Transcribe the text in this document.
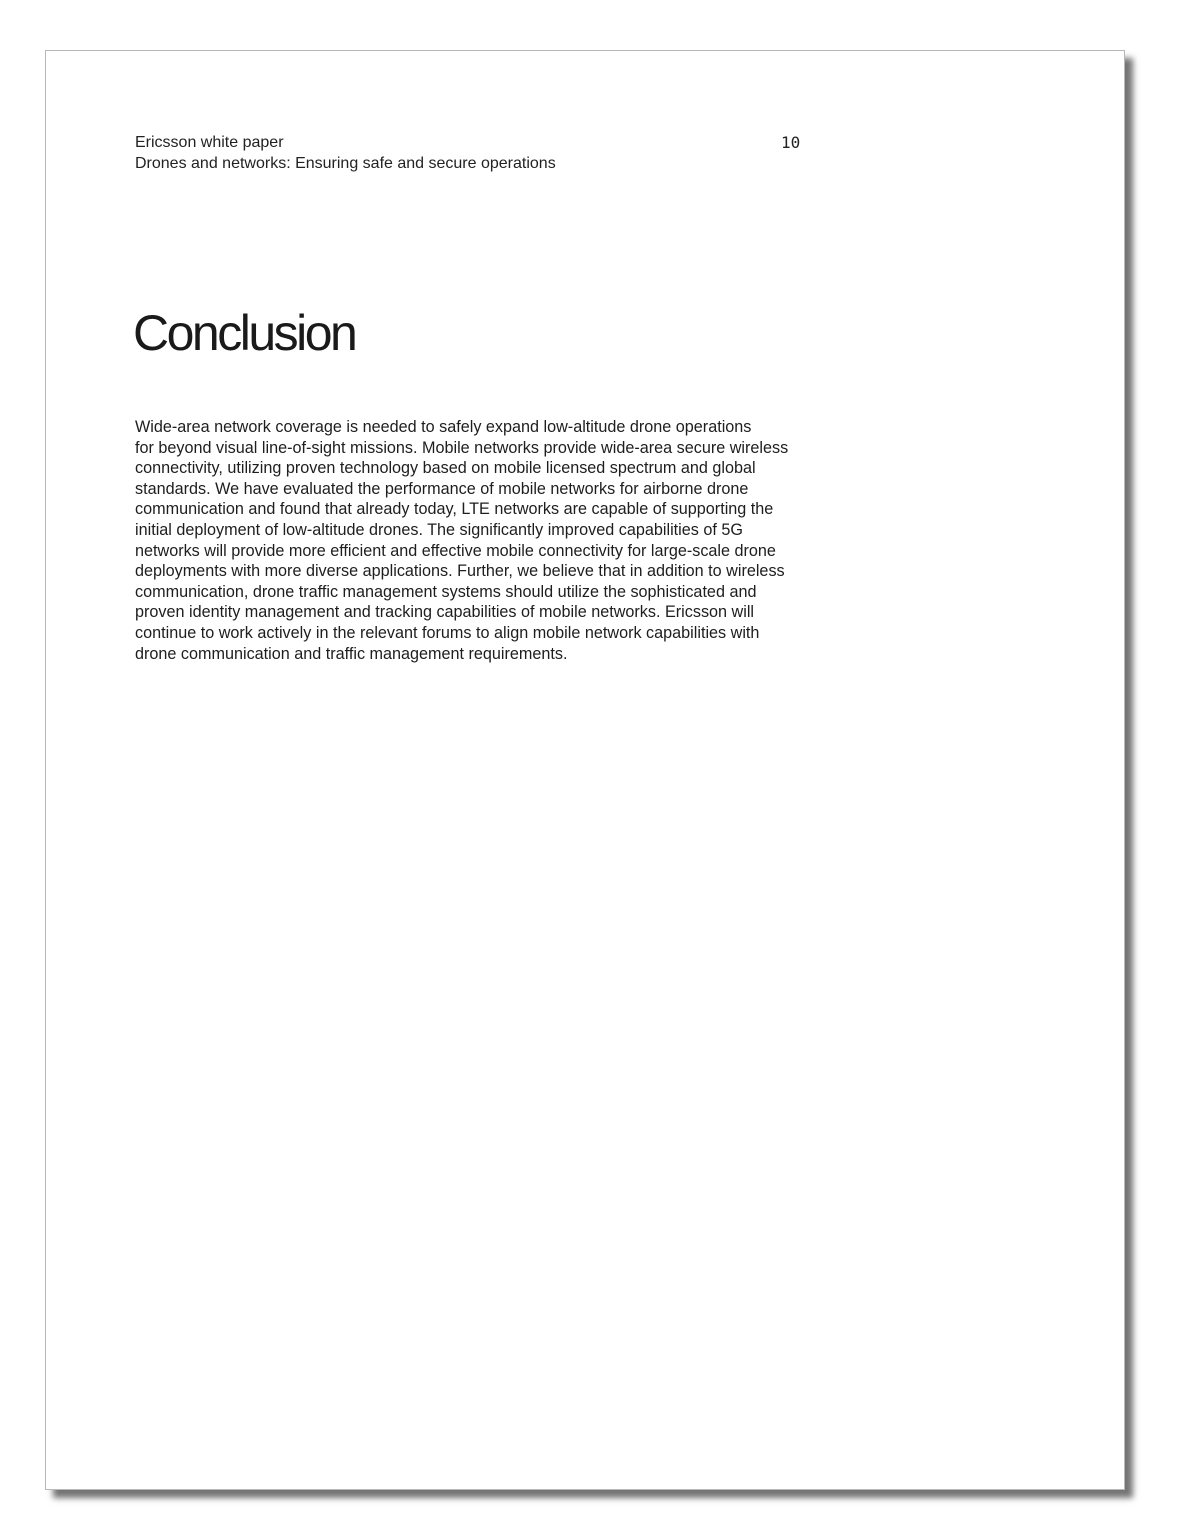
Ericsson white paper
Drones and networks: Ensuring safe and secure operations
10
Conclusion
Wide-area network coverage is needed to safely expand low-altitude drone operations
for beyond visual line-of-sight missions. Mobile networks provide wide-area secure wireless
connectivity, utilizing proven technology based on mobile licensed spectrum and global
standards. We have evaluated the performance of mobile networks for airborne drone
communication and found that already today, LTE networks are capable of supporting the
initial deployment of low-altitude drones. The significantly improved capabilities of 5G
networks will provide more efficient and effective mobile connectivity for large-scale drone
deployments with more diverse applications. Further, we believe that in addition to wireless
communication, drone traffic management systems should utilize the sophisticated and
proven identity management and tracking capabilities of mobile networks. Ericsson will
continue to work actively in the relevant forums to align mobile network capabilities with
drone communication and traffic management requirements.
